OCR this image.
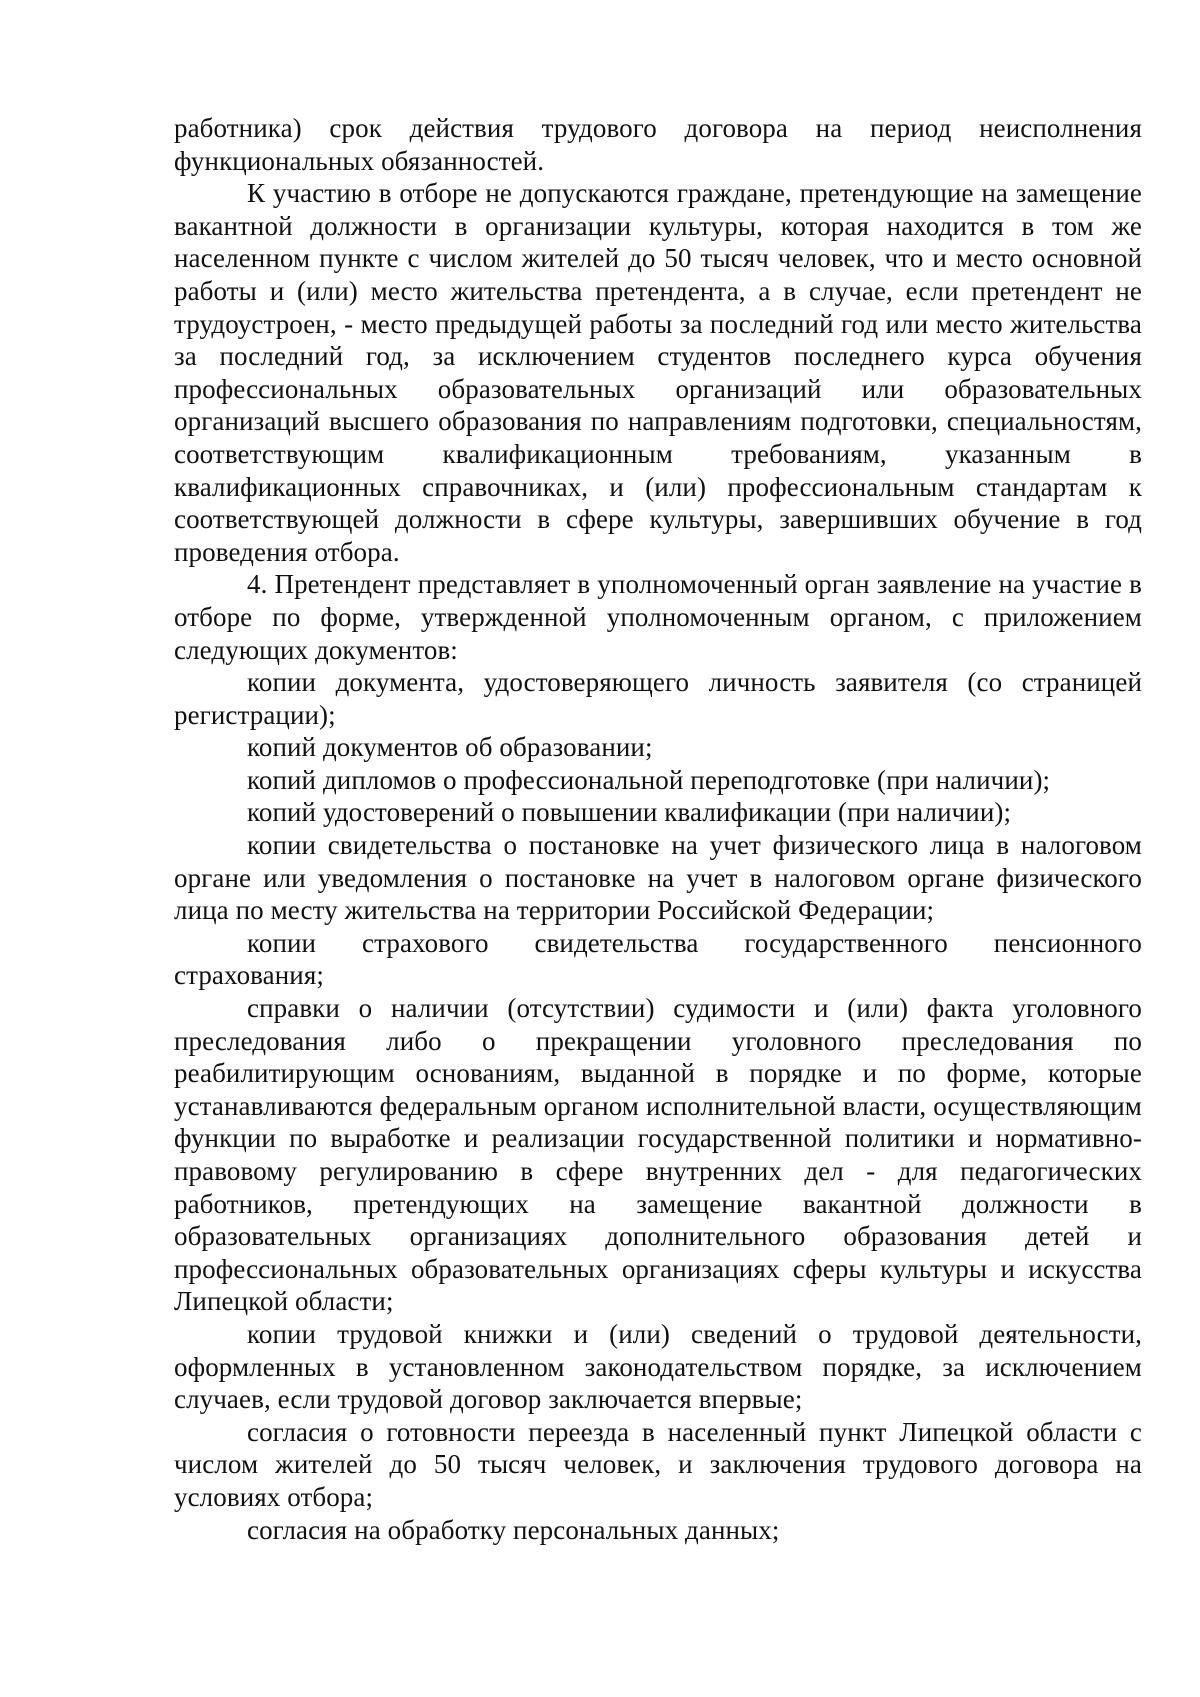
работника) срок действия трудового договора на период неисполнения функциональных обязанностей.

К участию в отборе не допускаются граждане, претендующие на замещение вакантной должности в организации культуры, которая находится в том же населенном пункте с числом жителей до 50 тысяч человек, что и место основной работы и (или) место жительства претендента, а в случае, если претендент не трудоустроен, - место предыдущей работы за последний год или место жительства за последний год, за исключением студентов последнего курса обучения профессиональных образовательных организаций или образовательных организаций высшего образования по направлениям подготовки, специальностям, соответствующим квалификационным требованиям, указанным в квалификационных справочниках, и (или) профессиональным стандартам к соответствующей должности в сфере культуры, завершивших обучение в год проведения отбора.

4. Претендент представляет в уполномоченный орган заявление на участие в отборе по форме, утвержденной уполномоченным органом, с приложением следующих документов:

копии документа, удостоверяющего личность заявителя (со страницей регистрации);

копий документов об образовании;

копий дипломов о профессиональной переподготовке (при наличии);

копий удостоверений о повышении квалификации (при наличии);

копии свидетельства о постановке на учет физического лица в налоговом органе или уведомления о постановке на учет в налоговом органе физического лица по месту жительства на территории Российской Федерации;

копии страхового свидетельства государственного пенсионного страхования;

справки о наличии (отсутствии) судимости и (или) факта уголовного преследования либо о прекращении уголовного преследования по реабилитирующим основаниям, выданной в порядке и по форме, которые устанавливаются федеральным органом исполнительной власти, осуществляющим функции по выработке и реализации государственной политики и нормативно-правовому регулированию в сфере внутренних дел - для педагогических работников, претендующих на замещение вакантной должности в образовательных организациях дополнительного образования детей и профессиональных образовательных организациях сферы культуры и искусства Липецкой области;

копии трудовой книжки и (или) сведений о трудовой деятельности, оформленных в установленном законодательством порядке, за исключением случаев, если трудовой договор заключается впервые;

согласия о готовности переезда в населенный пункт Липецкой области с числом жителей до 50 тысяч человек, и заключения трудового договора на условиях отбора;

согласия на обработку персональных данных;
